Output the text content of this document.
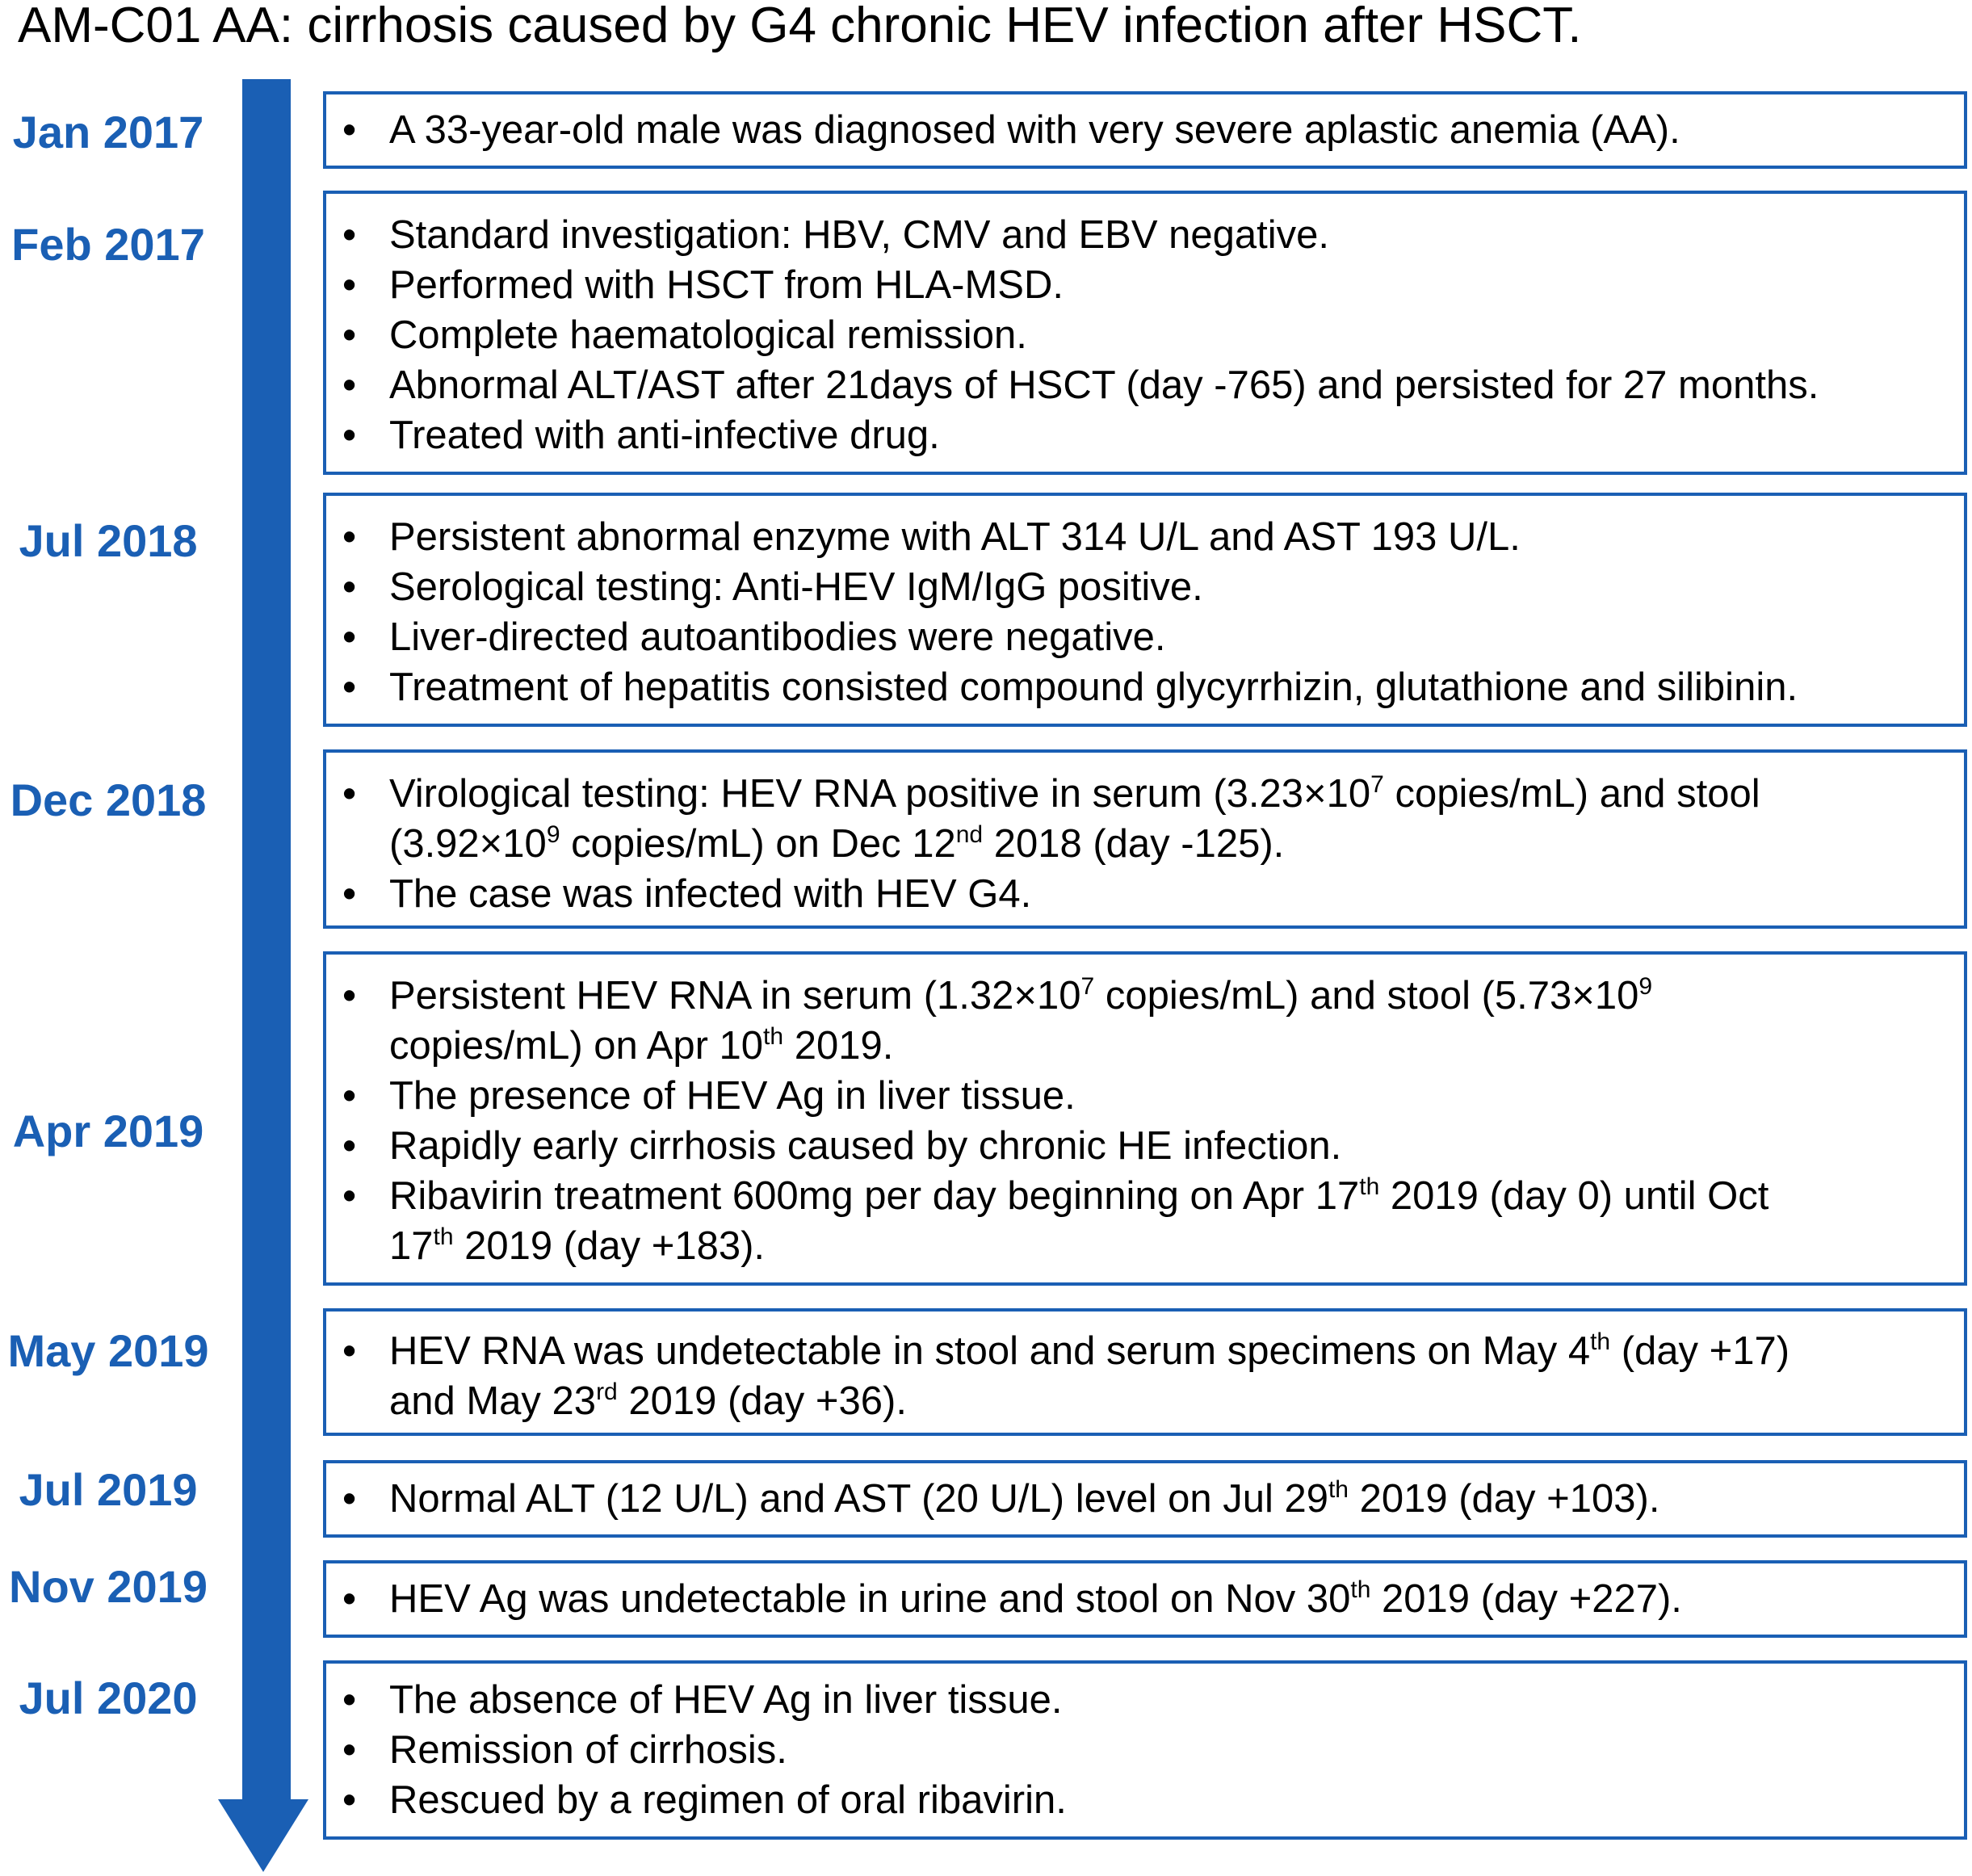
AM-C01 AA: cirrhosis caused by G4 chronic HEV infection after HSCT.
Jan 2017	• A 33-year-old male was diagnosed with very severe aplastic anemia (AA).
Feb 2017	• Standard investigation: HBV, CMV and EBV negative.
• Performed with HSCT from HLA-MSD.
• Complete haematological remission.
• Abnormal ALT/AST after 21days of HSCT (day -765) and persisted for 27 months.
• Treated with anti-infective drug.
Jul 2018	• Persistent abnormal enzyme with ALT 314 U/L and AST 193 U/L.
• Serological testing: Anti-HEV IgM/IgG positive.
• Liver-directed autoantibodies were negative.
• Treatment of hepatitis consisted compound glycyrrhizin, glutathione and silibinin.
Dec 2018	• Virological testing: HEV RNA positive in serum ($3.23\times 10^7$ copies/mL) and stool
($3.92\times 10^9$ copies/mL) on Dec 12nd 2018 (day -125).
• The case was infected with HEV G4.
Apr 2019
• Persistent HEV RNA in serum ($1.32\times 10^7$ copies/mL) and stool ($5.73\times 10^9$
copies/mL) on Apr 10th 2019.
• The presence of HEV Ag in liver tissue.
• Rapidly early cirrhosis caused by chronic HE infection.
• Ribavirin treatment 600mg per day beginning on Apr 17th 2019 (day 0) until Oct
17th 2019 (day +183).
May 2019	• HEV RNA was undetectable in stool and serum specimens on May 4th (day +17)
and May 23rd 2019 (day +36).
Jul 2019	• Normal ALT (12 U/L) and AST (20 U/L) level on Jul 29th 2019 (day +103).
Nov 2019	• HEV Ag was undetectable in urine and stool on Nov 30th 2019 (day +227).
Jul 2020	• The absence of HEV Ag in liver tissue.
• Remission of cirrhosis.
• Rescued by a regimen of oral ribavirin.
